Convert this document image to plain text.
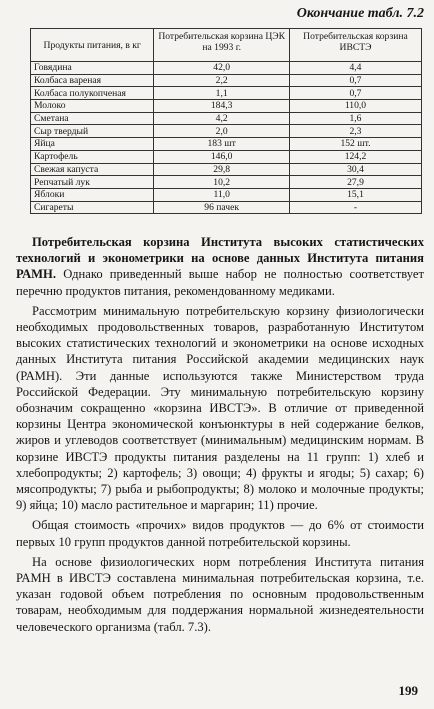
Окончание табл. 7.2
Продукты питания, в кг	Потребительская корзина ЦЭК на 1993 г.	Потребительская корзина ИВСТЭ
Говядина	42,0	4,4
Колбаса вареная	2,2	0,7
Колбаса полукопченая	1,1	0,7
Молоко	184,3	110,0
Сметана	4,2	1,6
Сыр твердый	2,0	2,3
Яйца	183 шт	152 шт.
Картофель	146,0	124,2
Свежая капуста	29,8	30,4
Репчатый лук	10,2	27,9
Яблоки	11,0	15,1
Сигареты	96 пачек	-

Потребительская корзина Института высоких статистических технологий и эконометрики на основе данных Института питания РАМН. Однако приведенный выше набор не полностью соответствует перечню продуктов питания, рекомендованному медиками.

Рассмотрим минимальную потребительскую корзину физиологически необходимых продовольственных товаров, разработанную Институтом высоких статистических технологий и эконометрики на основе исходных данных Института питания Российской академии медицинских наук (РАМН). Эти данные используются также Министерством труда Российской Федерации. Эту минимальную потребительскую корзину обозначим сокращенно «корзина ИВСТЭ». В отличие от приведенной корзины Центра экономической конъюнктуры в ней содержание белков, жиров и углеводов соответствует (минимальным) медицинским нормам. В корзине ИВСТЭ продукты питания разделены на 11 групп: 1) хлеб и хлебопродукты; 2) картофель; 3) овощи; 4) фрукты и ягоды; 5) сахар; 6) мясопродукты; 7) рыба и рыбопродукты; 8) молоко и молочные продукты; 9) яйца; 10) масло растительное и маргарин; 11) прочие.

Общая стоимость «прочих» видов продуктов — до 6% от стоимости первых 10 групп продуктов данной потребительской корзины.

На основе физиологических норм потребления Института питания РАМН в ИВСТЭ составлена минимальная потребительская корзина, т.е. указан годовой объем потребления по основным продовольственным товарам, необходимым для поддержания нормальной жизнедеятельности человеческого организма (табл. 7.3).

199
